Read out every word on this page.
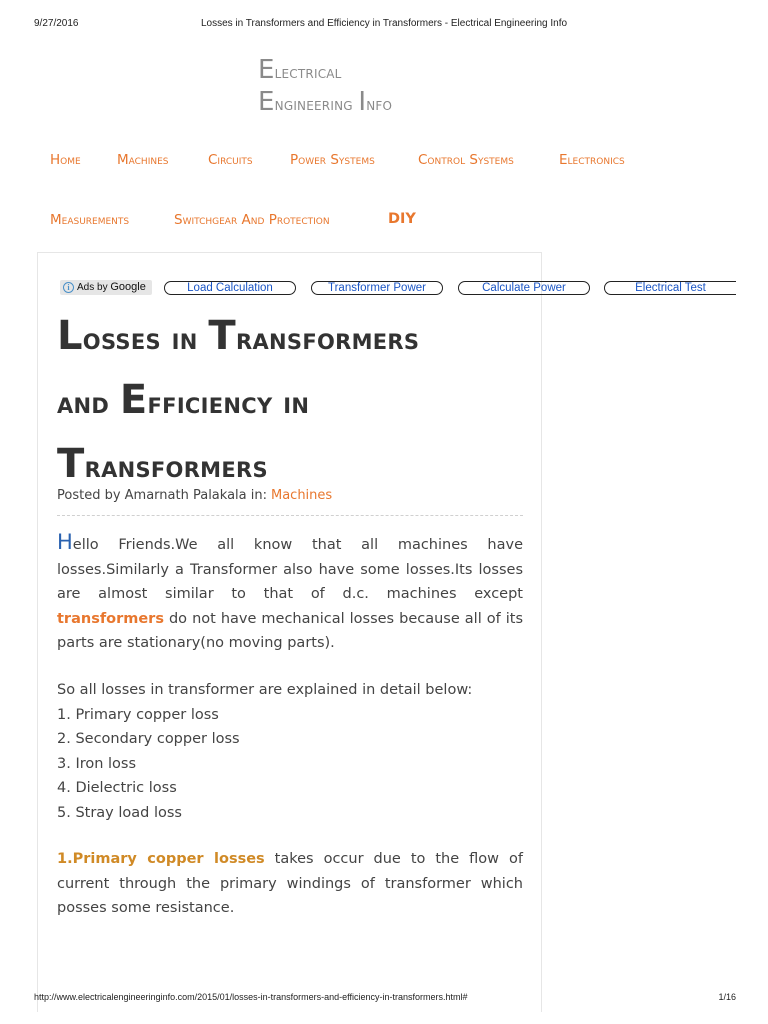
9/27/2016	Losses in Transformers and Efficiency in Transformers - Electrical Engineering Info
Electrical
Engineering Info
Home	Machines	Circuits	Power Systems	Control Systems	Electronics
Measurements	Switchgear And Protection	DIY
i Ads by Google	Load Calculation	Transformer Power	Calculate Power	Electrical Test
Losses in Transformers
and Efficiency in
Transformers
Posted by Amarnath Palakala in: Machines

Hello Friends.We all know that all machines have losses.Similarly a Transformer also have some losses.Its losses are almost similar to that of d.c. machines except transformers do not have mechanical losses because all of its parts are stationary(no moving parts).

So all losses in transformer are explained in detail below:
1. Primary copper loss
2. Secondary copper loss
3. Iron loss
4. Dielectric loss
5. Stray load loss

1.Primary copper losses takes occur due to the flow of current through the primary windings of transformer which posses some resistance.

http://www.electricalengineeringinfo.com/2015/01/losses-in-transformers-and-efficiency-in-transformers.html#	1/16
